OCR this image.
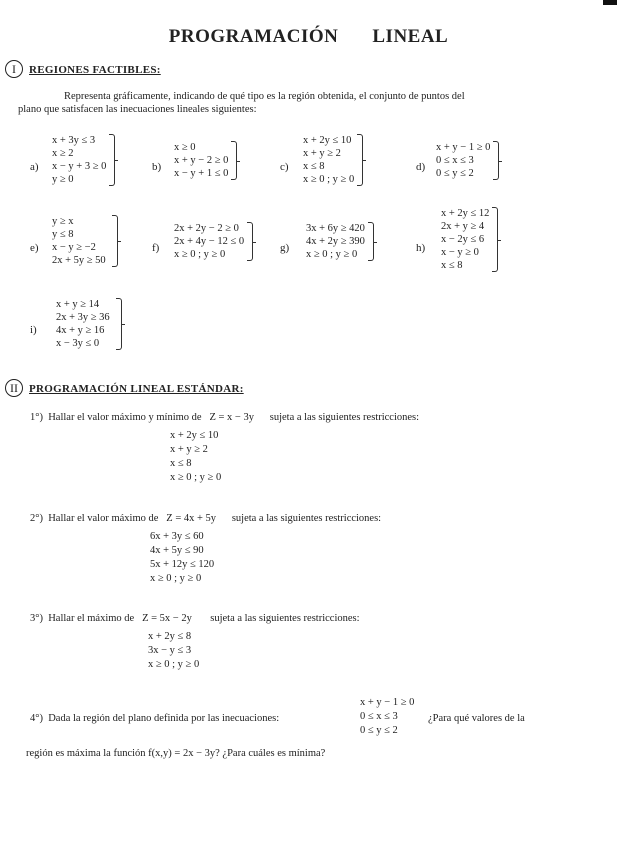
PROGRAMACIÓN LINEAL
I REGIONES FACTIBLES:
Representa gráficamente, indicando de qué tipo es la región obtenida, el conjunto de puntos del
plano que satisfacen las inecuaciones lineales siguientes:
a)
x + 3y ≤ 3
x ≥ 2
x − y + 3 ≥ 0
y ≥ 0
b)
x ≥ 0
x + y − 2 ≥ 0
x − y + 1 ≤ 0
c)
x + 2y ≤ 10
x + y ≥ 2
x ≤ 8
x ≥ 0 ; y ≥ 0
d)
x + y − 1 ≥ 0
0 ≤ x ≤ 3
0 ≤ y ≤ 2
e)
y ≥ x
y ≤ 8
x − y ≥ −2
2x + 5y ≥ 50
f)
2x + 2y − 2 ≥ 0
2x + 4y − 12 ≤ 0
x ≥ 0 ; y ≥ 0
g)
3x + 6y ≥ 420
4x + 2y ≥ 390
x ≥ 0 ; y ≥ 0
h)
x + 2y ≤ 12
2x + y ≥ 4
x − 2y ≤ 6
x − y ≥ 0
x ≤ 8
i)
x + y ≥ 14
2x + 3y ≥ 36
4x + y ≥ 16
x − 3y ≤ 0
II PROGRAMACIÓN LINEAL ESTÁNDAR:
1°) Hallar el valor máximo y mínimo de Z = x − 3y sujeta a las siguientes restricciones:
x + 2y ≤ 10
x + y ≥ 2
x ≤ 8
x ≥ 0 ; y ≥ 0
2°) Hallar el valor máximo de Z = 4x + 5y sujeta a las siguientes restricciones:
6x + 3y ≤ 60
4x + 5y ≤ 90
5x + 12y ≤ 120
x ≥ 0 ; y ≥ 0
3°) Hallar el máximo de Z = 5x − 2y sujeta a las siguientes restricciones:
x + 2y ≤ 8
3x − y ≤ 3
x ≥ 0 ; y ≥ 0
x + y − 1 ≥ 0
0 ≤ x ≤ 3
0 ≤ y ≤ 2
4°) Dada la región del plano definida por las inecuaciones:	¿Para qué valores de la
región es máxima la función f(x,y) = 2x − 3y? ¿Para cuáles es mínima?
